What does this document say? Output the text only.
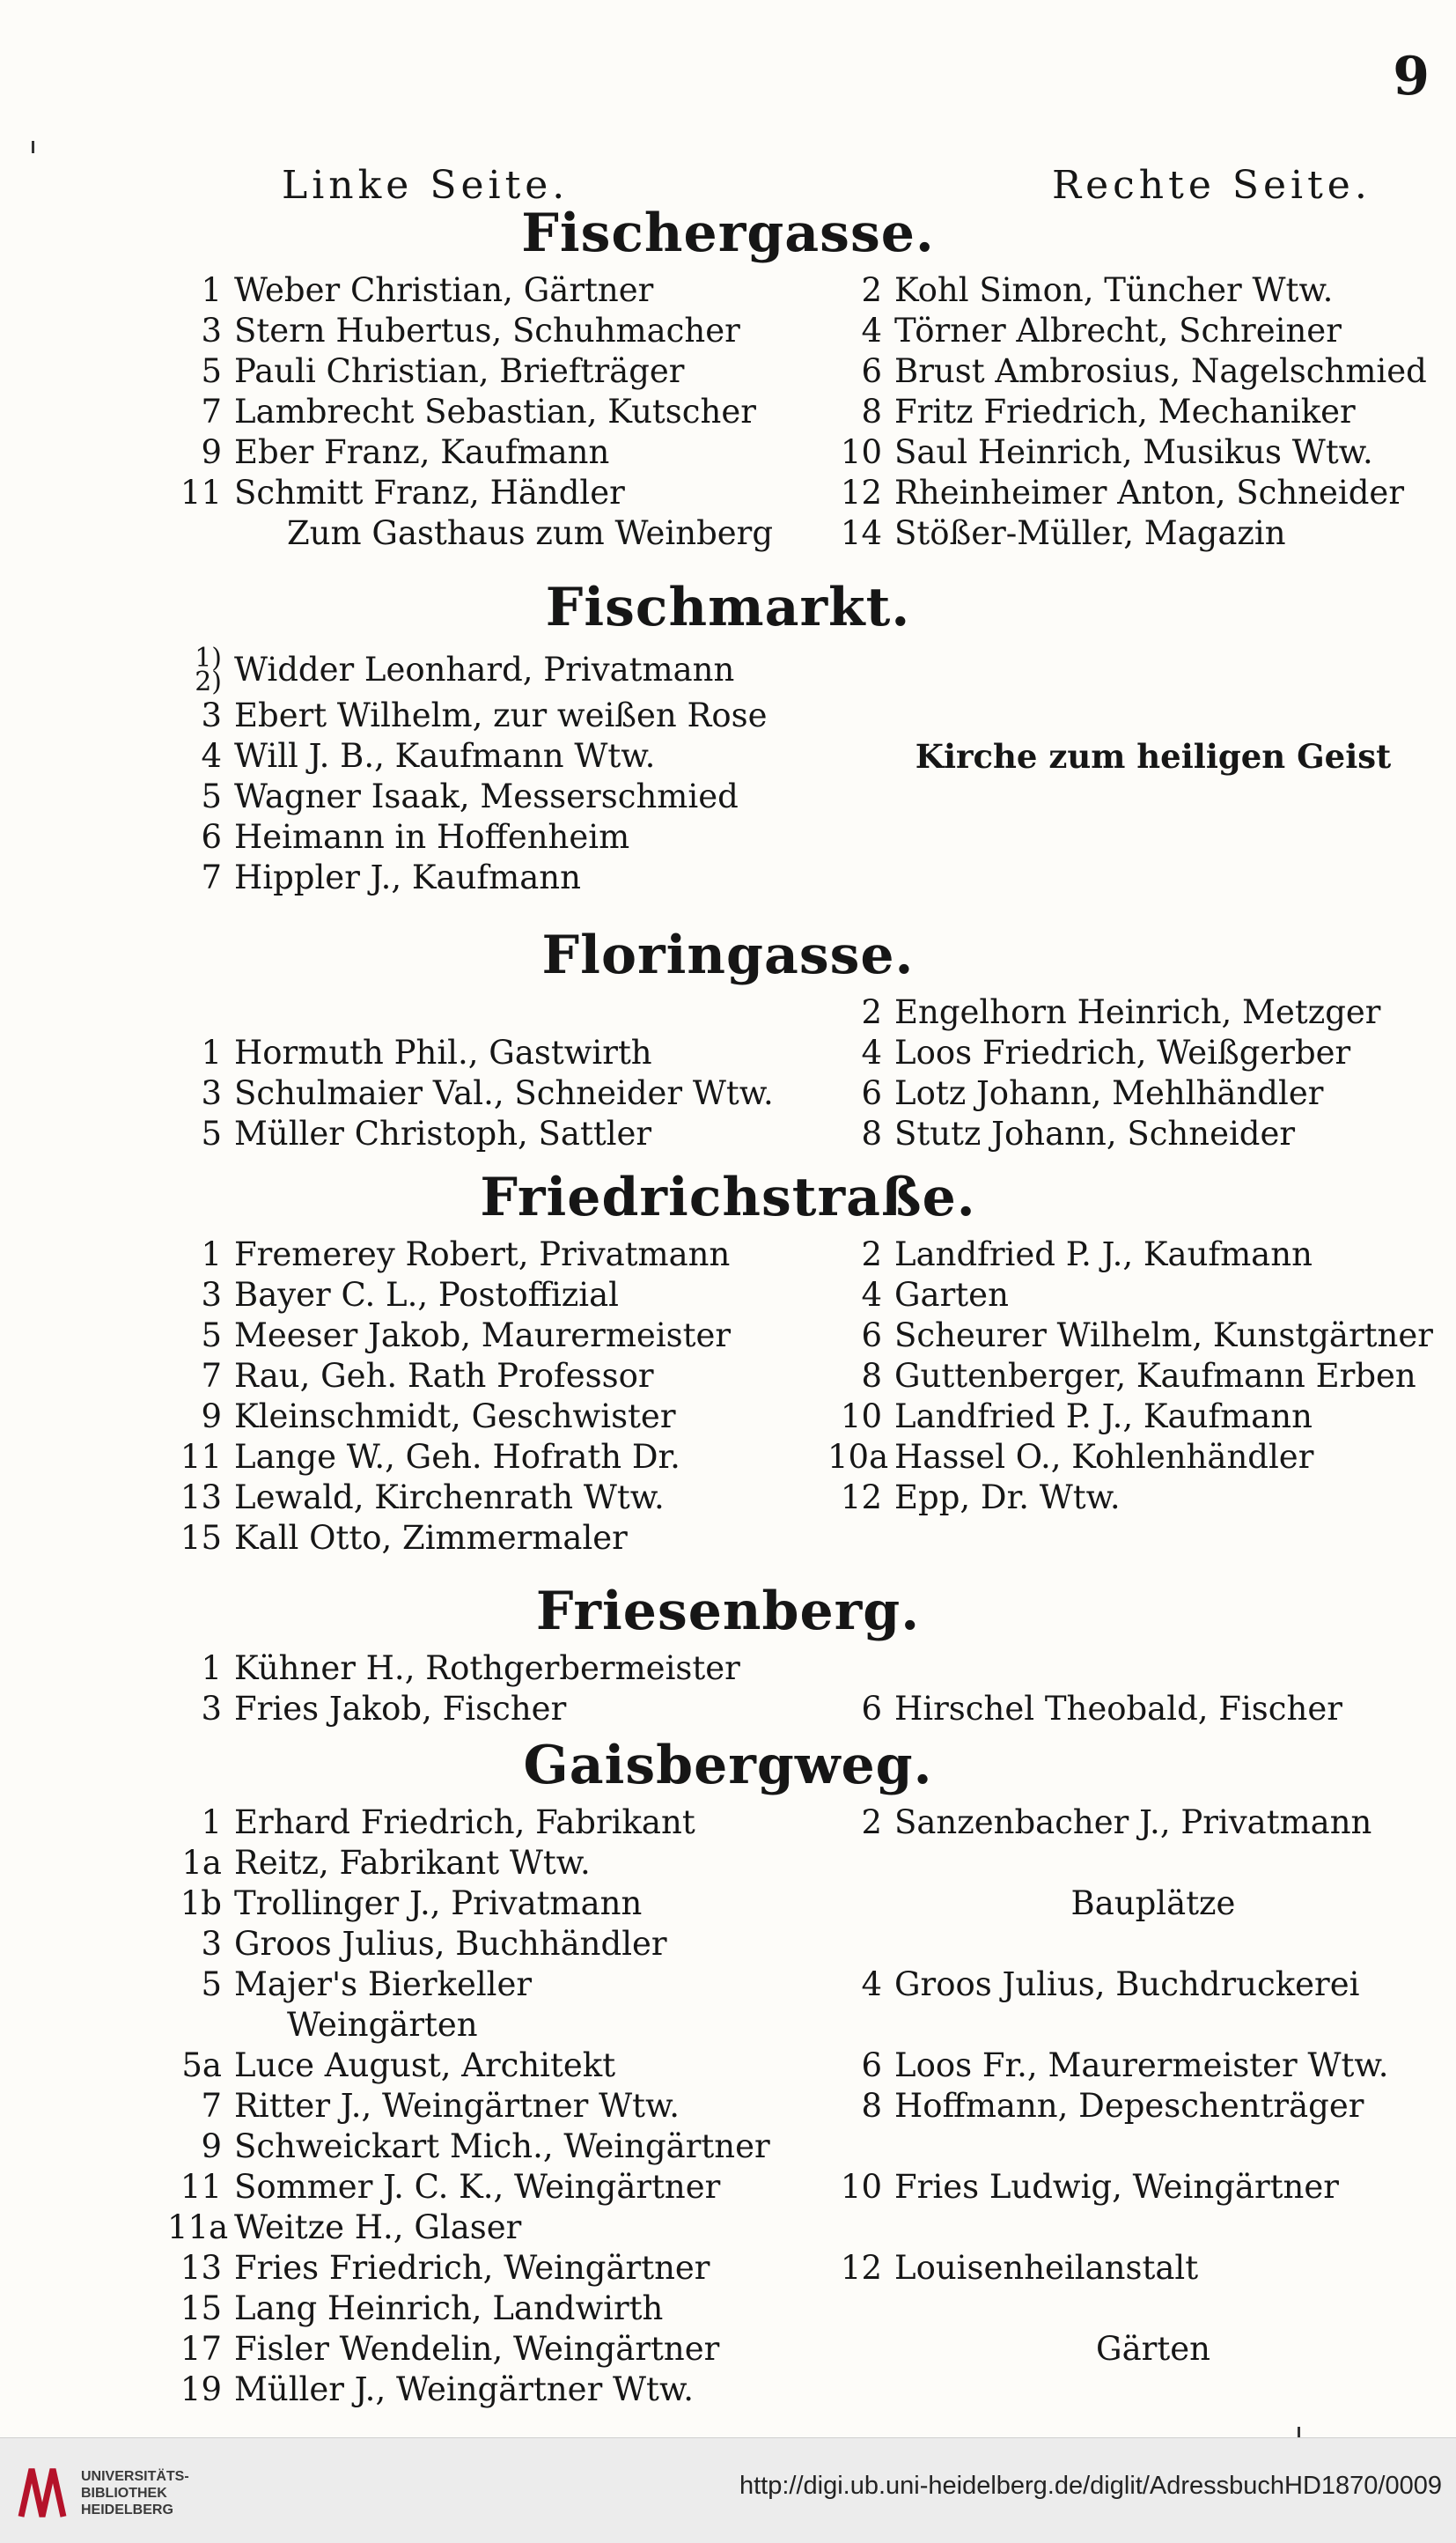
9
Linke Seite.	Rechte Seite.
Fischergasse.
1 Weber Christian, Gärtner
3 Stern Hubertus, Schuhmacher
5 Pauli Christian, Briefträger
7 Lambrecht Sebastian, Kutscher
9 Eber Franz, Kaufmann
11 Schmitt Franz, Händler
Zum Gasthaus zum Weinberg
2 Kohl Simon, Tüncher Wtw.
4 Törner Albrecht, Schreiner
6 Brust Ambrosius, Nagelschmied
8 Fritz Friedrich, Mechaniker
10 Saul Heinrich, Musikus Wtw.
12 Rheinheimer Anton, Schneider
14 Stößer-Müller, Magazin
Fischmarkt.
1)
2) Widder Leonhard, Privatmann
3 Ebert Wilhelm, zur weißen Rose
4 Will J. B., Kaufmann Wtw.
5 Wagner Isaak, Messerschmied
6 Heimann in Hoffenheim
7 Hippler J., Kaufmann
Kirche zum heiligen Geist
Floringasse.
1 Hormuth Phil., Gastwirth
3 Schulmaier Val., Schneider Wtw.
5 Müller Christoph, Sattler
2 Engelhorn Heinrich, Metzger
4 Loos Friedrich, Weißgerber
6 Lotz Johann, Mehlhändler
8 Stutz Johann, Schneider
Friedrichstraße.
1 Fremerey Robert, Privatmann
3 Bayer C. L., Postoffizial
5 Meeser Jakob, Maurermeister
7 Rau, Geh. Rath Professor
9 Kleinschmidt, Geschwister
11 Lange W., Geh. Hofrath Dr.
13 Lewald, Kirchenrath Wtw.
15 Kall Otto, Zimmermaler
2 Landfried P. J., Kaufmann
4 Garten
6 Scheurer Wilhelm, Kunstgärtner
8 Guttenberger, Kaufmann Erben
10 Landfried P. J., Kaufmann
10a Hassel O., Kohlenhändler
12 Epp, Dr. Wtw.
Friesenberg.
1 Kühner H., Rothgerbermeister
3 Fries Jakob, Fischer	6 Hirschel Theobald, Fischer
Gaisbergweg.
1 Erhard Friedrich, Fabrikant
1a Reitz, Fabrikant Wtw.
1b Trollinger J., Privatmann
3 Groos Julius, Buchhändler
5 Majer's Bierkeller
Weingärten
5a Luce August, Architekt
7 Ritter J., Weingärtner Wtw.
9 Schweickart Mich., Weingärtner
11 Sommer J. C. K., Weingärtner
11a Weitze H., Glaser
13 Fries Friedrich, Weingärtner
15 Lang Heinrich, Landwirth
17 Fisler Wendelin, Weingärtner
19 Müller J., Weingärtner Wtw.
2 Sanzenbacher J., Privatmann
Bauplätze
4 Groos Julius, Buchdruckerei
6 Loos Fr., Maurermeister Wtw.
8 Hoffmann, Depeschenträger
10 Fries Ludwig, Weingärtner
12 Louisenheilanstalt
Gärten
UNIVERSITÄTS-
BIBLIOTHEK
HEIDELBERG
http://digi.ub.uni-heidelberg.de/diglit/AdressbuchHD1870/0009
